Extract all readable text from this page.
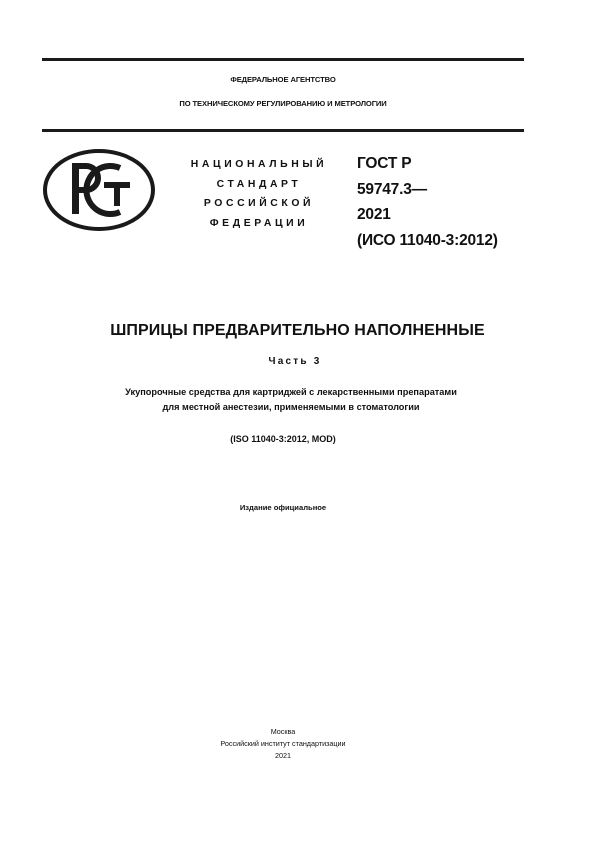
ФЕДЕРАЛЬНОЕ АГЕНТСТВО
ПО ТЕХНИЧЕСКОМУ РЕГУЛИРОВАНИЮ И МЕТРОЛОГИИ
НАЦИОНАЛЬНЫЙ
СТАНДАРТ
РОССИЙСКОЙ
ФЕДЕРАЦИИ
ГОСТ Р
59747.3—
2021
(ИСО 11040-3:2012)
ШПРИЦЫ ПРЕДВАРИТЕЛЬНО НАПОЛНЕННЫЕ
Часть 3
Укупорочные средства для картриджей с лекарственными препаратами
для местной анестезии, применяемыми в стоматологии
(ISO 11040-3:2012, MOD)
Издание официальное
Москва
Российский институт стандартизации
2021
